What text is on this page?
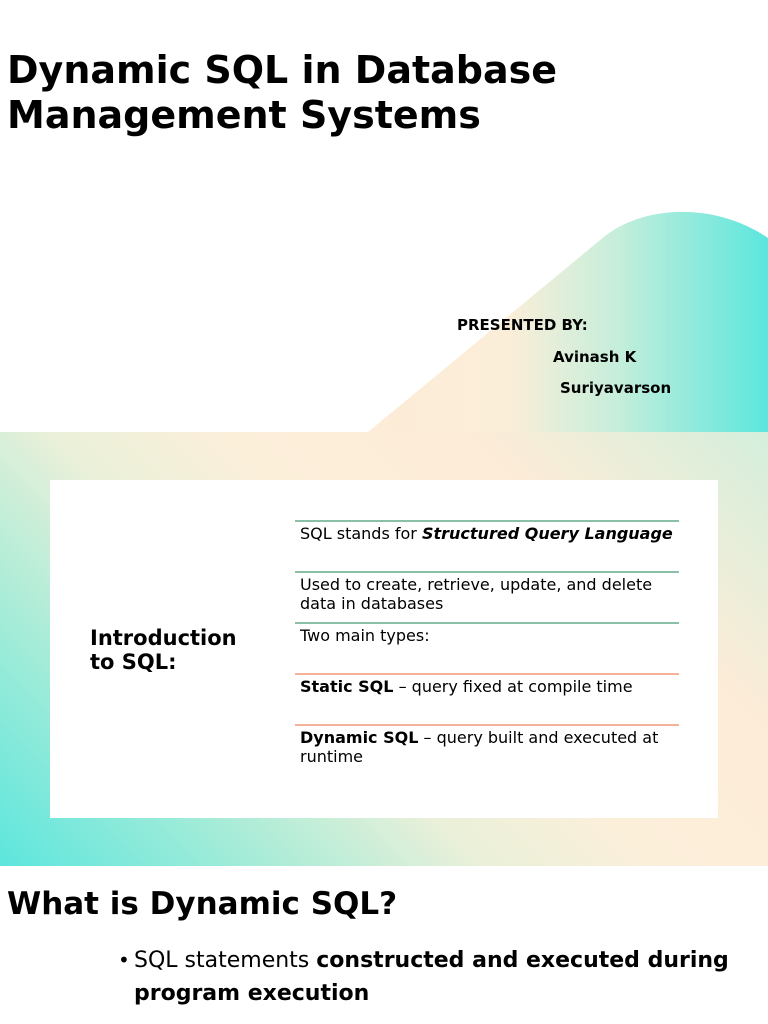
Dynamic SQL in Database
Management Systems
PRESENTED BY:
Avinash K
Suriyavarson
Introduction
to SQL:
SQL stands for Structured Query Language
Used to create, retrieve, update, and delete data in databases
Two main types:
Static SQL – query fixed at compile time
Dynamic SQL – query built and executed at runtime
What is Dynamic SQL?
• SQL statements constructed and executed during program execution
